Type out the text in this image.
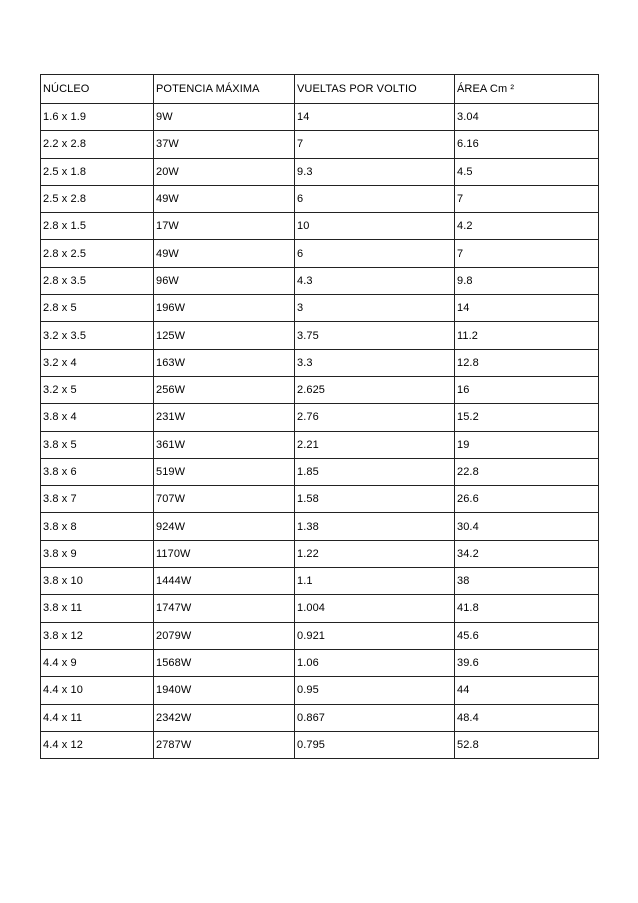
NÚCLEO	POTENCIA MÁXIMA	VUELTAS POR VOLTIO	ÁREA Cm ²
1.6 x 1.9	9W	14	3.04
2.2 x 2.8	37W	7	6.16
2.5 x 1.8	20W	9.3	4.5
2.5 x 2.8	49W	6	7
2.8 x 1.5	17W	10	4.2
2.8 x 2.5	49W	6	7
2.8 x 3.5	96W	4.3	9.8
2.8 x 5	196W	3	14
3.2 x 3.5	125W	3.75	11.2
3.2 x 4	163W	3.3	12.8
3.2 x 5	256W	2.625	16
3.8 x 4	231W	2.76	15.2
3.8 x 5	361W	2.21	19
3.8 x 6	519W	1.85	22.8
3.8 x 7	707W	1.58	26.6
3.8 x 8	924W	1.38	30.4
3.8 x 9	1170W	1.22	34.2
3.8 x 10	1444W	1.1	38
3.8 x 11	1747W	1.004	41.8
3.8 x 12	2079W	0.921	45.6
4.4 x 9	1568W	1.06	39.6
4.4 x 10	1940W	0.95	44
4.4 x 11	2342W	0.867	48.4
4.4 x 12	2787W	0.795	52.8
